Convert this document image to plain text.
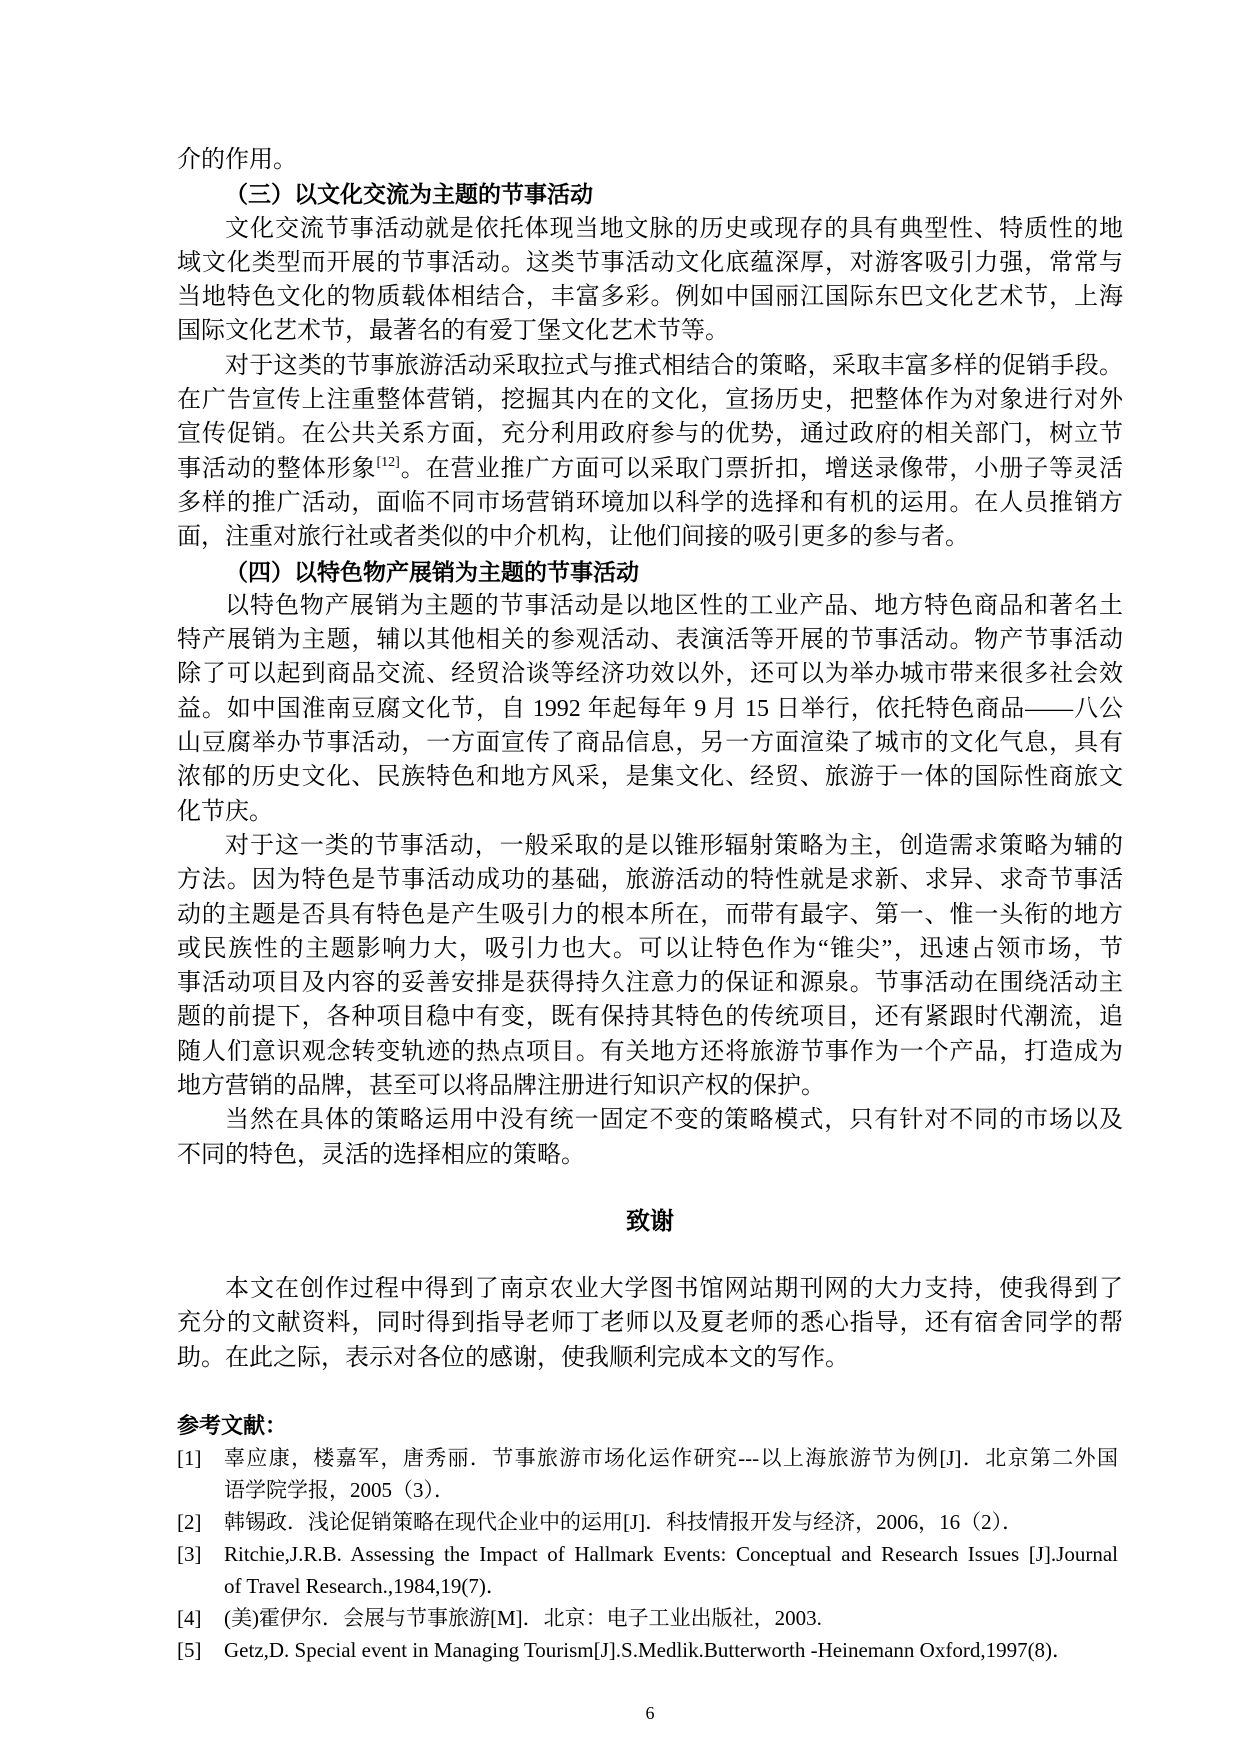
介的作用。
（三）以文化交流为主题的节事活动
文化交流节事活动就是依托体现当地文脉的历史或现存的具有典型性、特质性的地
域文化类型而开展的节事活动。这类节事活动文化底蕴深厚，对游客吸引力强，常常与
当地特色文化的物质载体相结合，丰富多彩。例如中国丽江国际东巴文化艺术节，上海
国际文化艺术节，最著名的有爱丁堡文化艺术节等。
对于这类的节事旅游活动采取拉式与推式相结合的策略，采取丰富多样的促销手段。
在广告宣传上注重整体营销，挖掘其内在的文化，宣扬历史，把整体作为对象进行对外
宣传促销。在公共关系方面，充分利用政府参与的优势，通过政府的相关部门，树立节
事活动的整体形象[12]。在营业推广方面可以采取门票折扣，增送录像带，小册子等灵活
多样的推广活动，面临不同市场营销环境加以科学的选择和有机的运用。在人员推销方
面，注重对旅行社或者类似的中介机构，让他们间接的吸引更多的参与者。
（四）以特色物产展销为主题的节事活动
以特色物产展销为主题的节事活动是以地区性的工业产品、地方特色商品和著名土
特产展销为主题，辅以其他相关的参观活动、表演活等开展的节事活动。物产节事活动
除了可以起到商品交流、经贸洽谈等经济功效以外，还可以为举办城市带来很多社会效
益。如中国淮南豆腐文化节，自 1992 年起每年 9 月 15 日举行，依托特色商品——八公
山豆腐举办节事活动，一方面宣传了商品信息，另一方面渲染了城市的文化气息，具有
浓郁的历史文化、民族特色和地方风采，是集文化、经贸、旅游于一体的国际性商旅文
化节庆。
对于这一类的节事活动，一般采取的是以锥形辐射策略为主，创造需求策略为辅的
方法。因为特色是节事活动成功的基础，旅游活动的特性就是求新、求异、求奇节事活
动的主题是否具有特色是产生吸引力的根本所在，而带有最字、第一、惟一头衔的地方
或民族性的主题影响力大，吸引力也大。可以让特色作为“锥尖”，迅速占领市场，节
事活动项目及内容的妥善安排是获得持久注意力的保证和源泉。节事活动在围绕活动主
题的前提下，各种项目稳中有变，既有保持其特色的传统项目，还有紧跟时代潮流，追
随人们意识观念转变轨迹的热点项目。有关地方还将旅游节事作为一个产品，打造成为
地方营销的品牌，甚至可以将品牌注册进行知识产权的保护。
当然在具体的策略运用中没有统一固定不变的策略模式，只有针对不同的市场以及
不同的特色，灵活的选择相应的策略。
致谢
本文在创作过程中得到了南京农业大学图书馆网站期刊网的大力支持，使我得到了
充分的文献资料，同时得到指导老师丁老师以及夏老师的悉心指导，还有宿舍同学的帮
助。在此之际，表示对各位的感谢，使我顺利完成本文的写作。
参考文献：
[1]	辜应康，楼嘉军，唐秀丽．节事旅游市场化运作研究---以上海旅游节为例[J]．北京第二外国
语学院学报，2005（3）．
[2]	韩锡政．浅论促销策略在现代企业中的运用[J]．科技情报开发与经济，2006，16（2）．
[3]	Ritchie,J.R.B. Assessing the Impact of Hallmark Events: Conceptual and Research Issues [J].Journal
of Travel Research.,1984,19(7)．
[4]	(美)霍伊尔．会展与节事旅游[M]．北京：电子工业出版社，2003.
[5]	Getz,D. Special event in Managing Tourism[J].S.Medlik.Butterworth -Heinemann Oxford,1997(8)．
6
